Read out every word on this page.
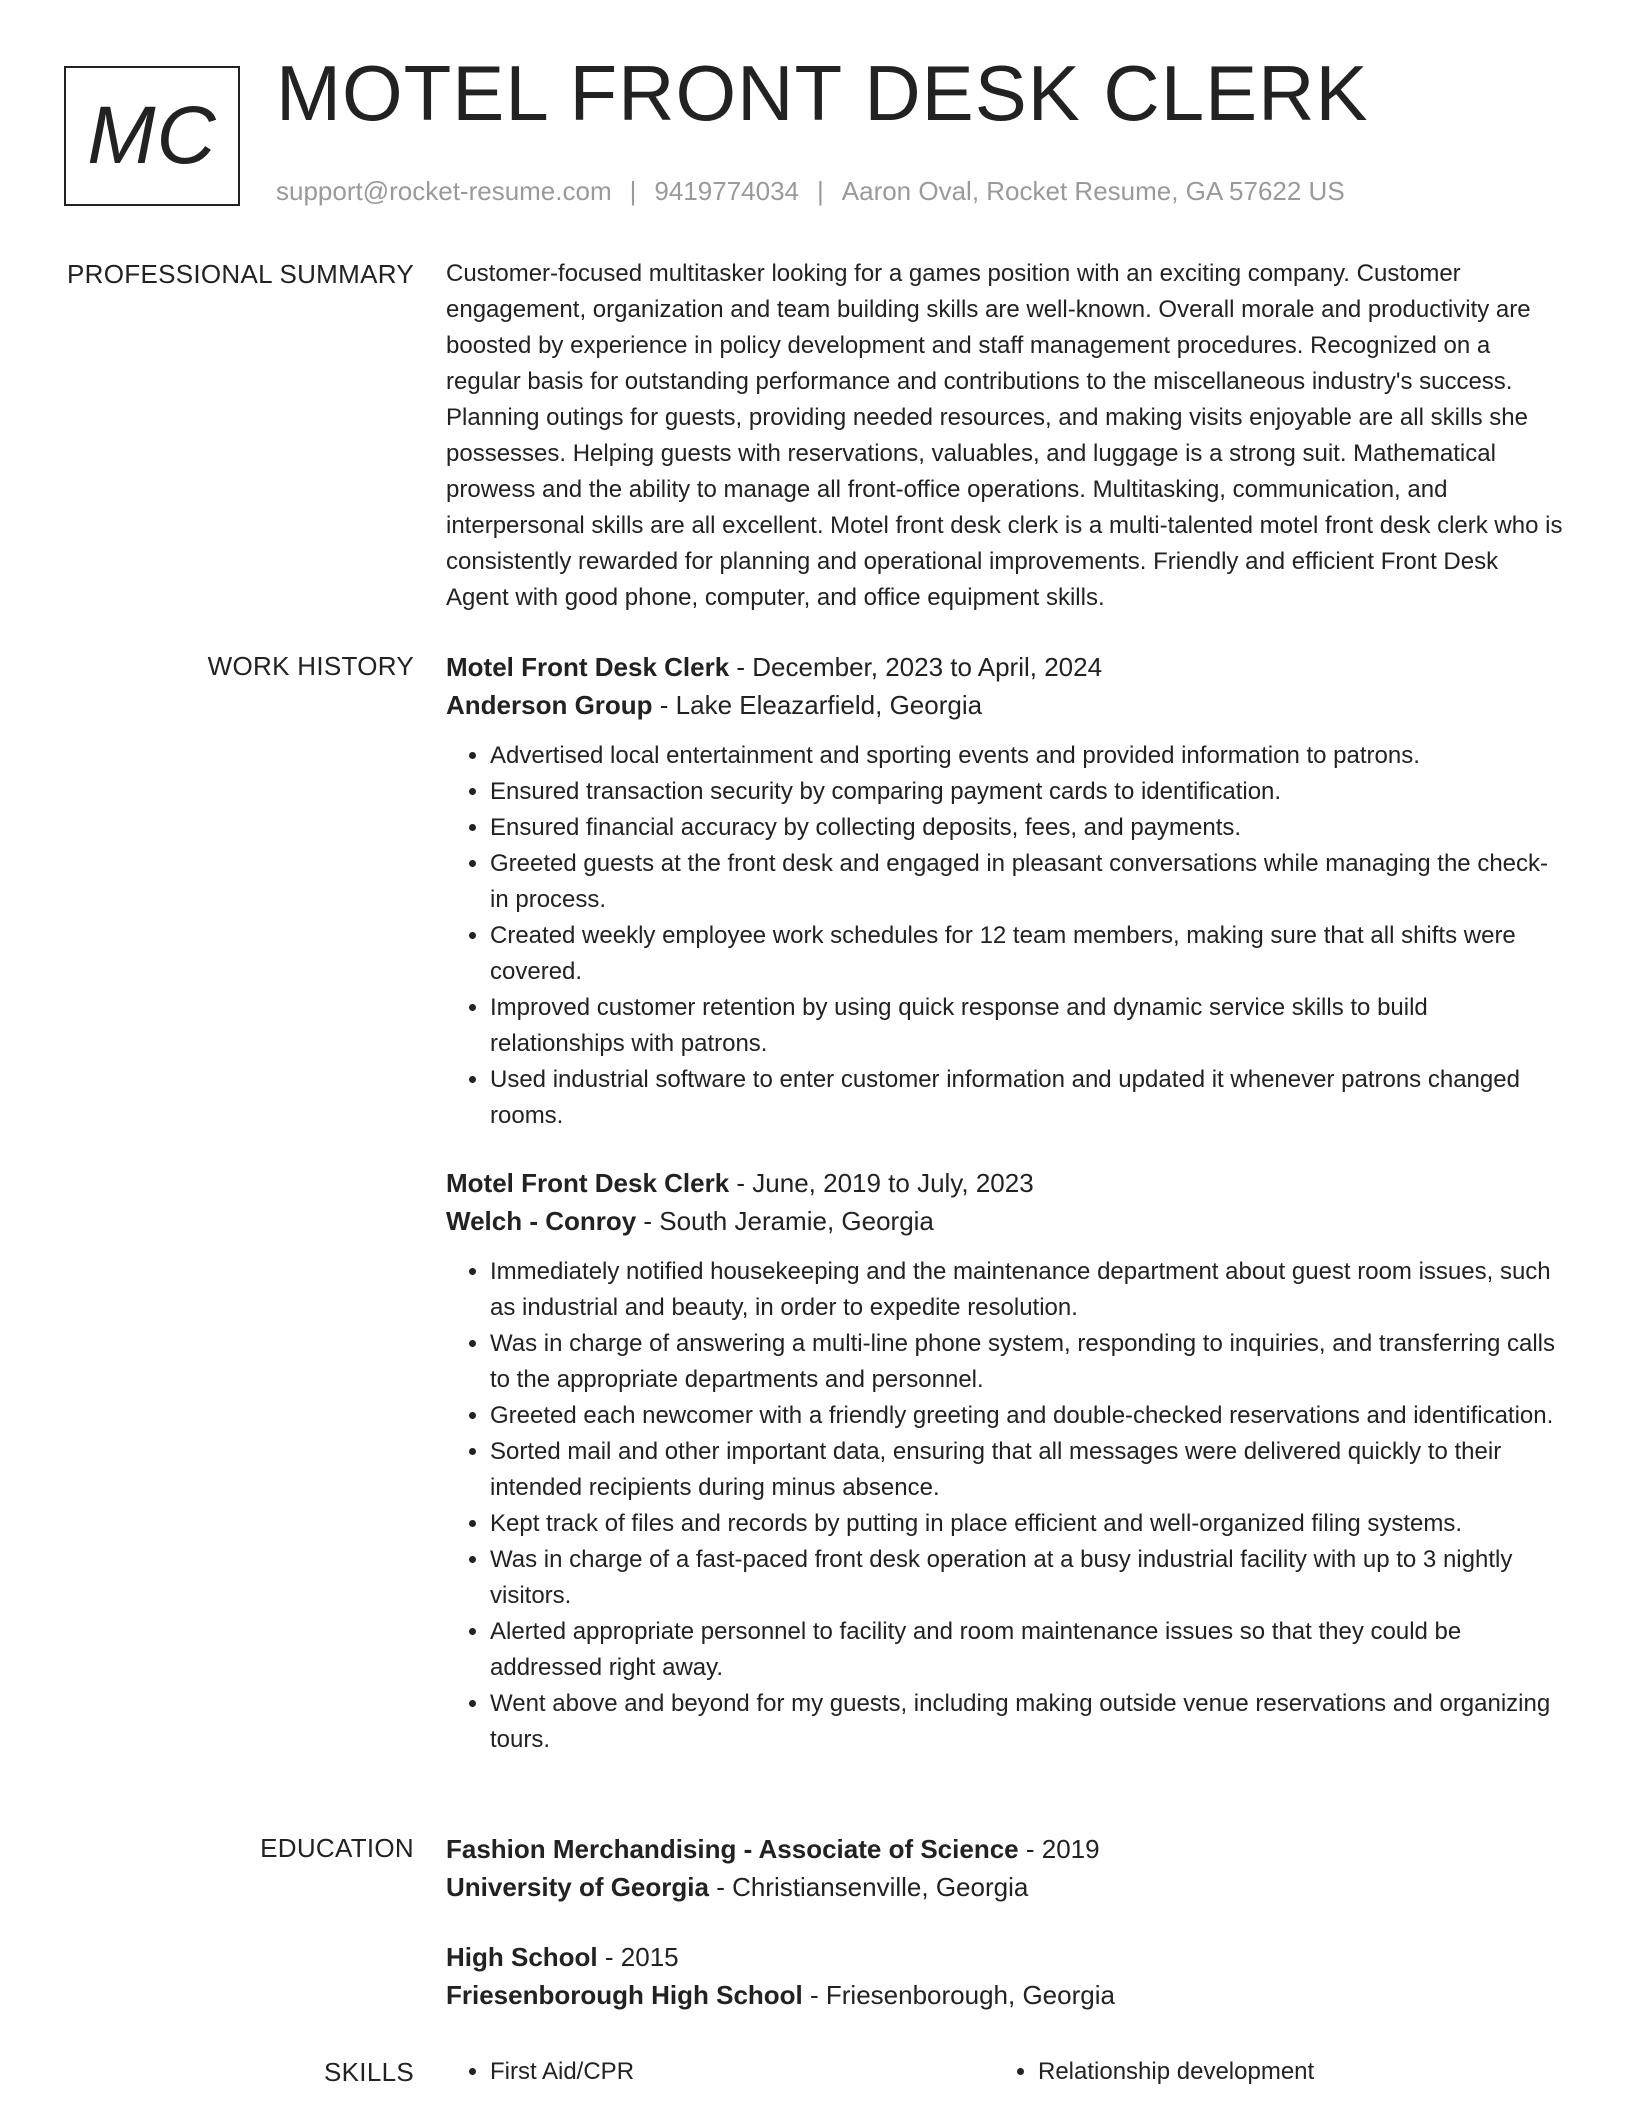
MC MOTEL FRONT DESK CLERK
support@rocket-resume.com | 9419774034 | Aaron Oval, Rocket Resume, GA 57622 US
PROFESSIONAL SUMMARY Customer-focused multitasker looking for a games position with an exciting company. Customer engagement, organization and team building skills are well-known. Overall morale and productivity are boosted by experience in policy development and staff management procedures. Recognized on a regular basis for outstanding performance and contributions to the miscellaneous industry's success. Planning outings for guests, providing needed resources, and making visits enjoyable are all skills she possesses. Helping guests with reservations, valuables, and luggage is a strong suit. Mathematical prowess and the ability to manage all front-office operations. Multitasking, communication, and interpersonal skills are all excellent. Motel front desk clerk is a multi-talented motel front desk clerk who is consistently rewarded for planning and operational improvements. Friendly and efficient Front Desk Agent with good phone, computer, and office equipment skills.

WORK HISTORY Motel Front Desk Clerk - December, 2023 to April, 2024
Anderson Group - Lake Eleazarfield, Georgia
• Advertised local entertainment and sporting events and provided information to patrons.
• Ensured transaction security by comparing payment cards to identification.
• Ensured financial accuracy by collecting deposits, fees, and payments.
• Greeted guests at the front desk and engaged in pleasant conversations while managing the check-in process.
• Created weekly employee work schedules for 12 team members, making sure that all shifts were covered.
• Improved customer retention by using quick response and dynamic service skills to build relationships with patrons.
• Used industrial software to enter customer information and updated it whenever patrons changed rooms.
Motel Front Desk Clerk - June, 2019 to July, 2023
Welch - Conroy - South Jeramie, Georgia
• Immediately notified housekeeping and the maintenance department about guest room issues, such as industrial and beauty, in order to expedite resolution.
• Was in charge of answering a multi-line phone system, responding to inquiries, and transferring calls to the appropriate departments and personnel.
• Greeted each newcomer with a friendly greeting and double-checked reservations and identification.
• Sorted mail and other important data, ensuring that all messages were delivered quickly to their intended recipients during minus absence.
• Kept track of files and records by putting in place efficient and well-organized filing systems.
• Was in charge of a fast-paced front desk operation at a busy industrial facility with up to 3 nightly visitors.
• Alerted appropriate personnel to facility and room maintenance issues so that they could be addressed right away.
• Went above and beyond for my guests, including making outside venue reservations and organizing tours.
EDUCATION Fashion Merchandising - Associate of Science - 2019
University of Georgia - Christiansenville, Georgia
High School - 2015
Friesenborough High School - Friesenborough, Georgia
SKILLS	• First Aid/CPR	• Relationship development
